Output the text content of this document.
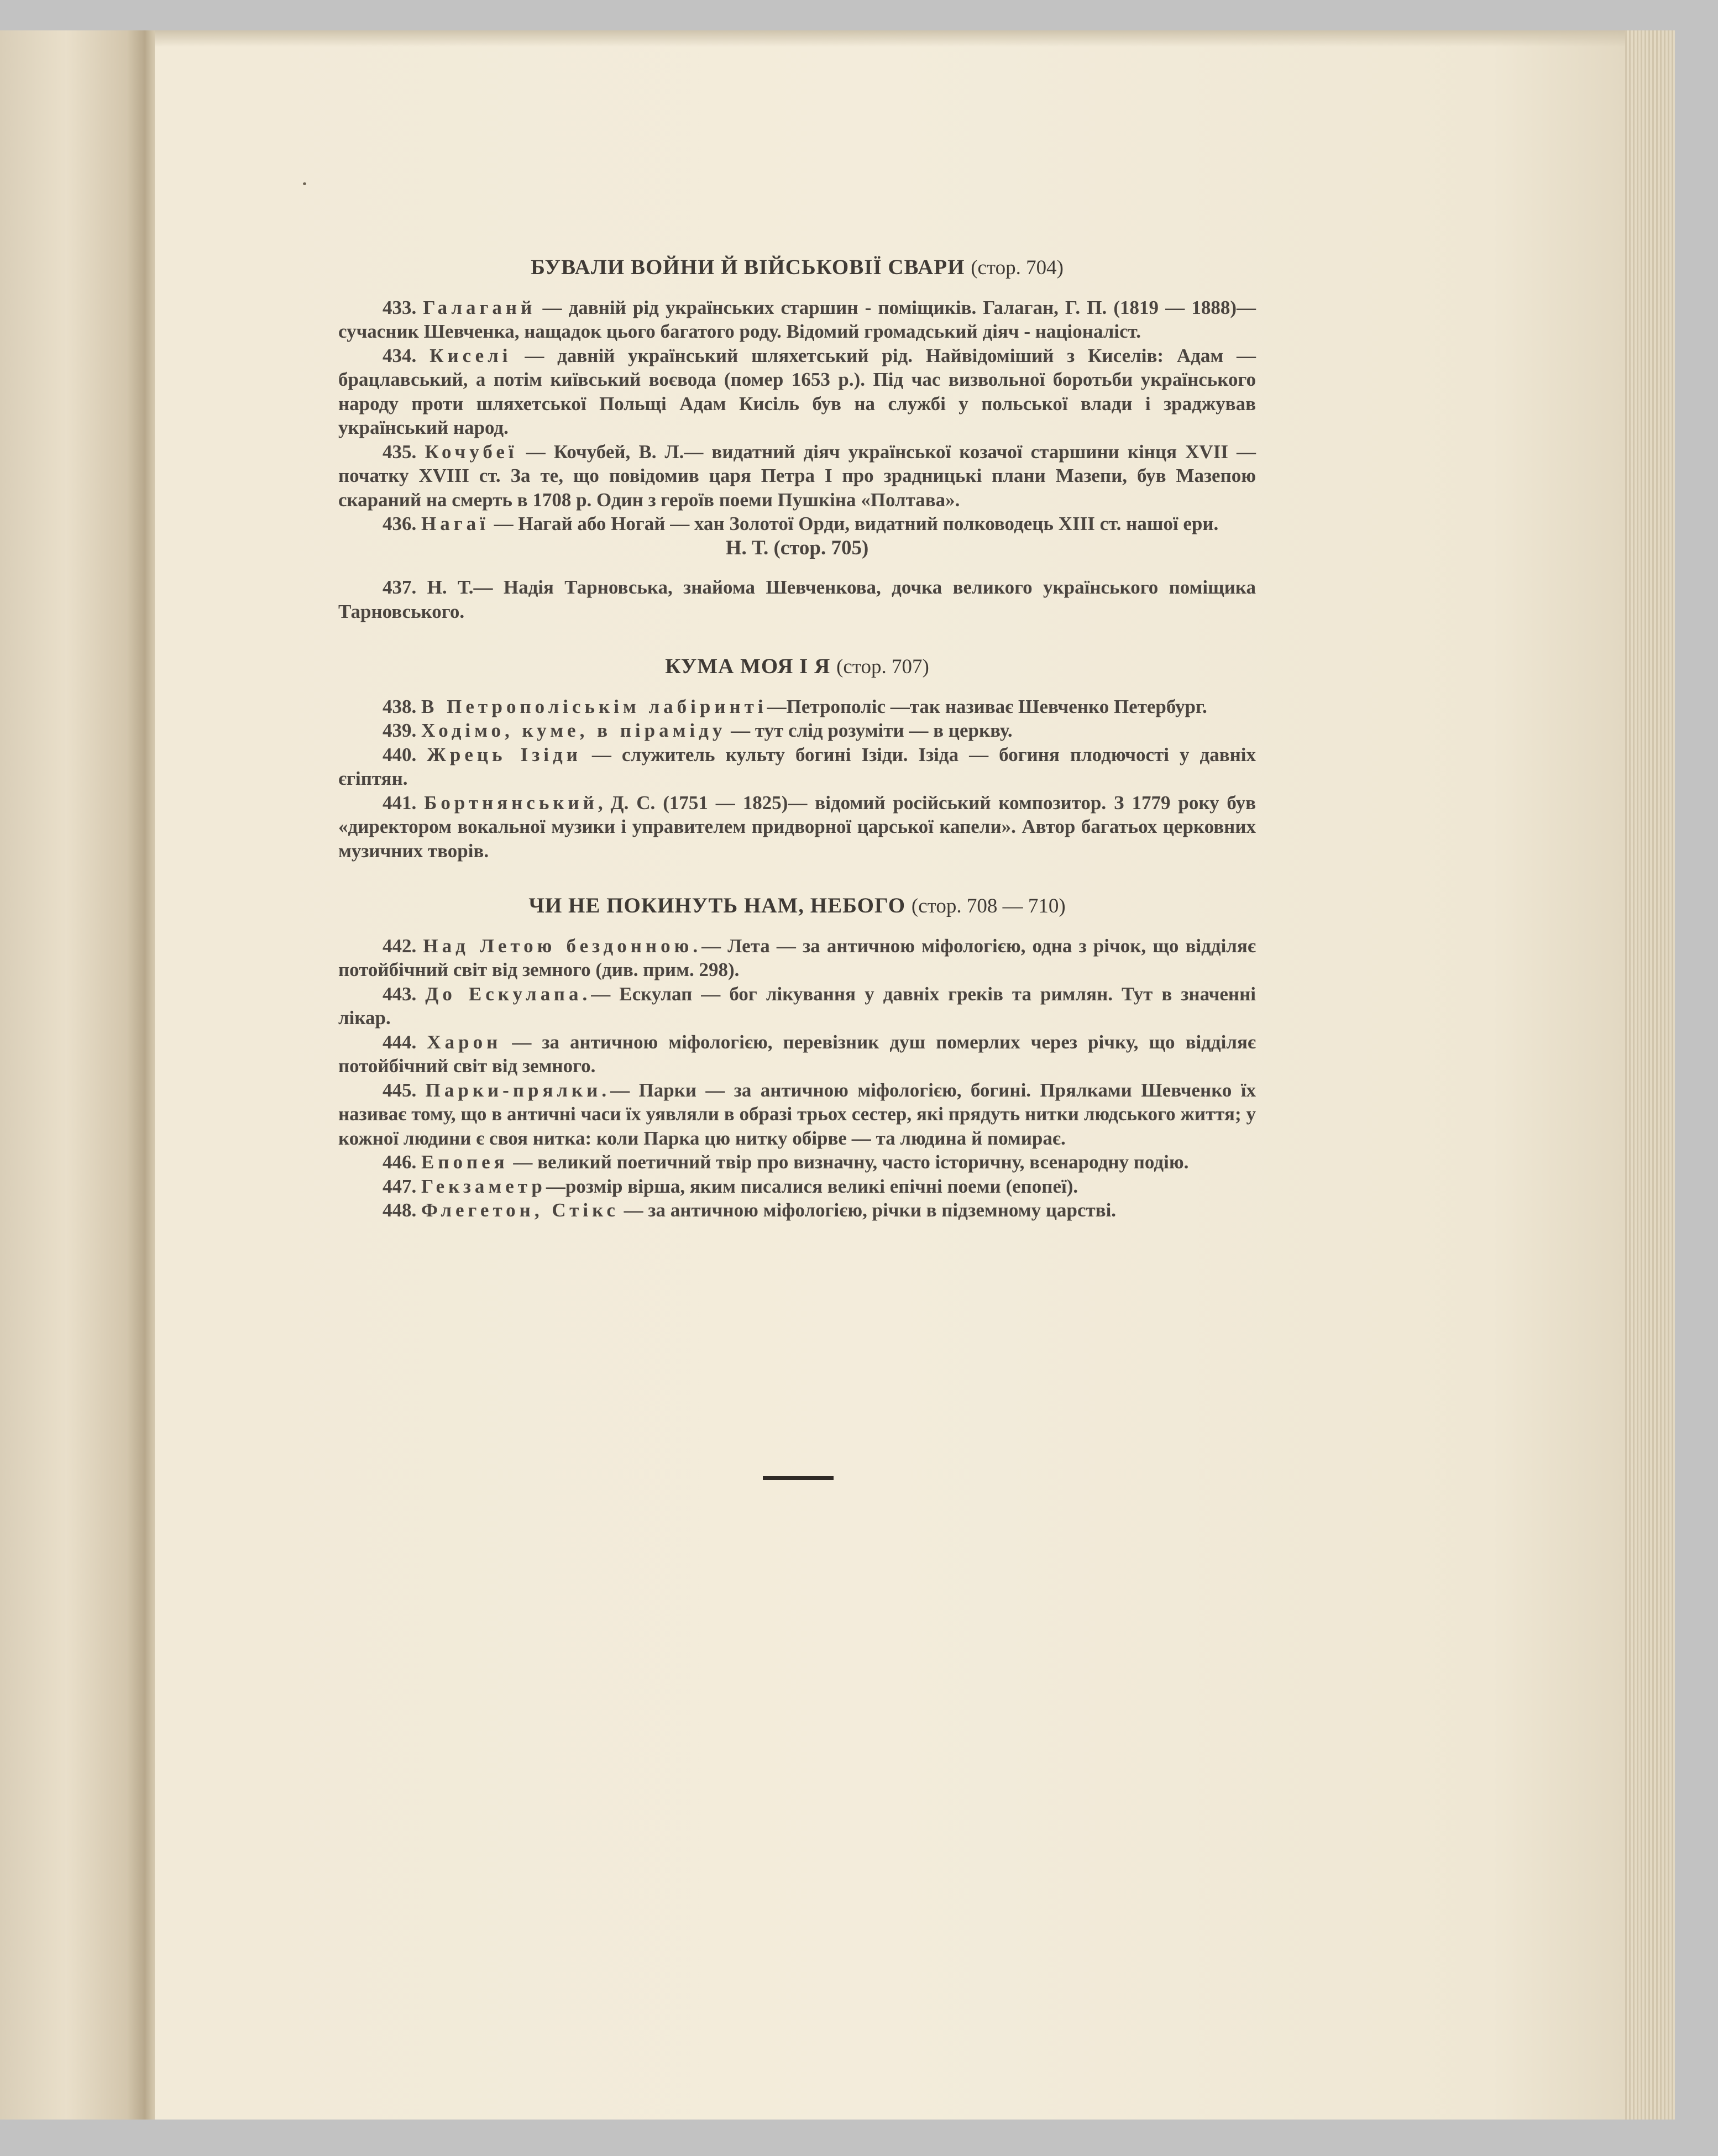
БУВАЛИ ВОЙНИ Й ВІЙСЬКОВІЇ СВАРИ (стор. 704)

433. Галаганй — давній рід українських старшин - поміщиків. Галаган, Г. П. (1819 — 1888)— сучасник Шевченка, нащадок цього багатого роду. Відомий громадський діяч - націоналіст.

434. Киселі — давній український шляхетський рід. Найвідоміший з Киселів: Адам — брацлавський, а потім київський воєвода (помер 1653 р.). Під час визвольної боротьби українського народу проти шляхетської Польщі Адам Кисіль був на службі у польської влади і зраджував український народ.

435. Кочубеї — Кочубей, В. Л.— видатний діяч української козачої старшини кінця XVII — початку XVIII ст. За те, що повідомив царя Петра І про зрадницькі плани Мазепи, був Мазепою скараний на смерть в 1708 р. Один з героїв поеми Пушкіна «Полтава».

436. Нагаї — Нагай або Ногай — хан Золотої Орди, видатний полководець XIII ст. нашої ери.

Н. Т. (стор. 705)

437. Н. Т.— Надія Тарновська, знайома Шевченкова, дочка великого українського поміщика Тарновського.

КУМА МОЯ І Я (стор. 707)

438. В Петрополіськім лабіринті—Петрополіс —так називає Шевченко Петербург.

439. Ходімо, куме, в піраміду — тут слід розуміти — в церкву.

440. Жрець Ізіди — служитель культу богині Ізіди. Ізіда — богиня плодючості у давніх єгіптян.

441. Бортнянський, Д. С. (1751 — 1825)— відомий російський композитор. З 1779 року був «директором вокальної музики і управителем придворної царської капели». Автор багатьох церковних музичних творів.

ЧИ НЕ ПОКИНУТЬ НАМ, НЕБОГО (стор. 708 — 710)

442. Над Летою бездонною.— Лета — за античною міфологією, одна з річок, що відділяє потойбічний світ від земного (див. прим. 298).

443. До Ескулапа.— Ескулап — бог лікування у давніх греків та римлян. Тут в значенні лікар.

444. Харон — за античною міфологією, перевізник душ померлих через річку, що відділяє потойбічний світ від земного.

445. Парки-прялки.— Парки — за античною міфологією, богині. Прялками Шевченко їх називає тому, що в античні часи їх уявляли в образі трьох сестер, які прядуть нитки людського життя; у кожної людини є своя нитка: коли Парка цю нитку обірве — та людина й помирає.

446. Епопея — великий поетичний твір про визначну, часто історичну, всенародну подію.

447. Гекзаметр—розмір вірша, яким писалися великі епічні поеми (епопеї).

448. Флегетон, Стікс — за античною міфологією, річки в підземному царстві.
